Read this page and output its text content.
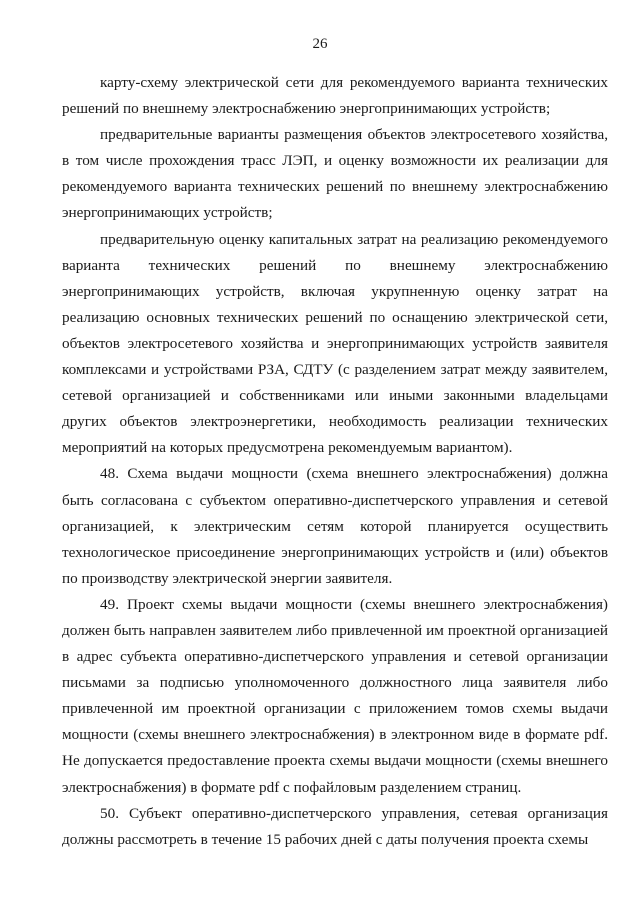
26

карту-схему электрической сети для рекомендуемого варианта технических решений по внешнему электроснабжению энергопринимающих устройств;

предварительные варианты размещения объектов электросетевого хозяйства, в том числе прохождения трасс ЛЭП, и оценку возможности их реализации для рекомендуемого варианта технических решений по внешнему электроснабжению энергопринимающих устройств;

предварительную оценку капитальных затрат на реализацию рекомендуемого варианта технических решений по внешнему электроснабжению энергопринимающих устройств, включая укрупненную оценку затрат на реализацию основных технических решений по оснащению электрической сети, объектов электросетевого хозяйства и энергопринимающих устройств заявителя комплексами и устройствами РЗА, СДТУ (с разделением затрат между заявителем, сетевой организацией и собственниками или иными законными владельцами других объектов электроэнергетики, необходимость реализации технических мероприятий на которых предусмотрена рекомендуемым вариантом).

48. Схема выдачи мощности (схема внешнего электроснабжения) должна быть согласована с субъектом оперативно-диспетчерского управления и сетевой организацией, к электрическим сетям которой планируется осуществить технологическое присоединение энергопринимающих устройств и (или) объектов по производству электрической энергии заявителя.

49. Проект схемы выдачи мощности (схемы внешнего электроснабжения) должен быть направлен заявителем либо привлеченной им проектной организацией в адрес субъекта оперативно-диспетчерского управления и сетевой организации письмами за подписью уполномоченного должностного лица заявителя либо привлеченной им проектной организации с приложением томов схемы выдачи мощности (схемы внешнего электроснабжения) в электронном виде в формате pdf. Не допускается предоставление проекта схемы выдачи мощности (схемы внешнего электроснабжения) в формате pdf с пофайловым разделением страниц.

50. Субъект оперативно-диспетчерского управления, сетевая организация должны рассмотреть в течение 15 рабочих дней с даты получения проекта схемы
